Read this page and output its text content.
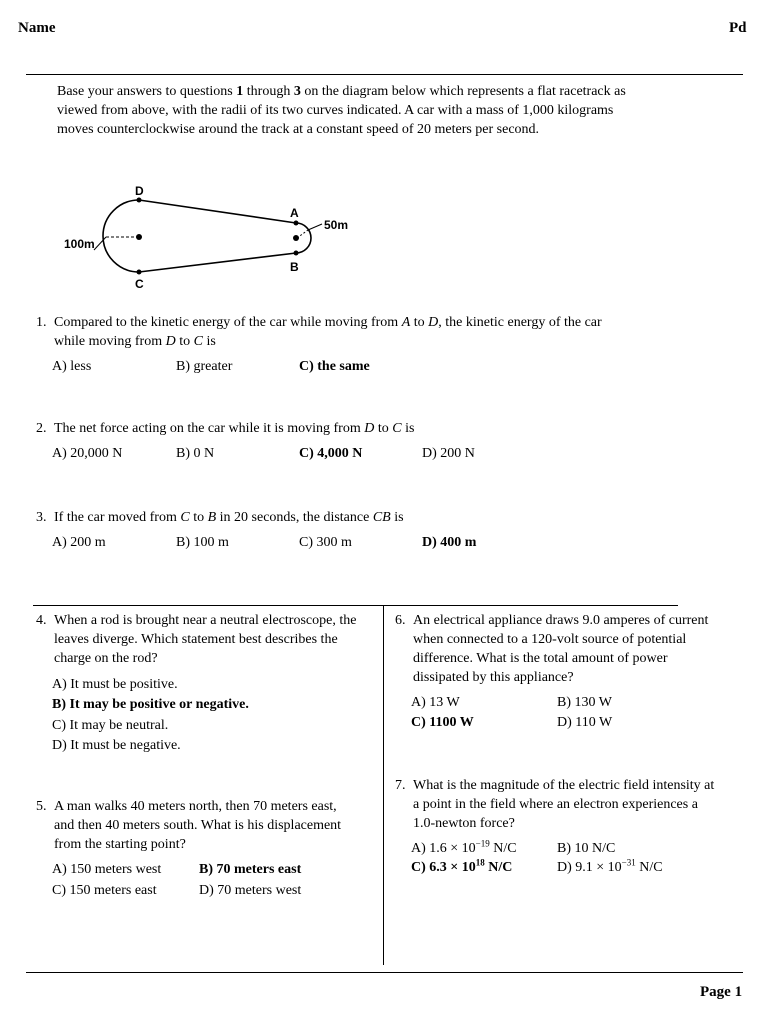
Name	Pd
Base your answers to questions 1 through 3 on the diagram below which represents a flat racetrack as
viewed from above, with the radii of its two curves indicated. A car with a mass of 1,000 kilograms
moves counterclockwise around the track at a constant speed of 20 meters per second.
D
A
B
C
50m
100m
1. Compared to the kinetic energy of the car while moving from A to D, the kinetic energy of the car
while moving from D to C is
A) less	B) greater	C) the same
2. The net force acting on the car while it is moving from D to C is
A) 20,000 N	B) 0 N	C) 4,000 N	D) 200 N
3. If the car moved from C to B in 20 seconds, the distance CB is
A) 200 m	B) 100 m	C) 300 m	D) 400 m
4. When a rod is brought near a neutral electroscope, the
leaves diverge. Which statement best describes the
charge on the rod?
A) It must be positive.
B) It may be positive or negative.
C) It may be neutral.
D) It must be negative.
5. A man walks 40 meters north, then 70 meters east,
and then 40 meters south. What is his displacement
from the starting point?
A) 150 meters west	B) 70 meters east
C) 150 meters east	D) 70 meters west
6. An electrical appliance draws 9.0 amperes of current
when connected to a 120-volt source of potential
difference. What is the total amount of power
dissipated by this appliance?
A) 13 W	B) 130 W
C) 1100 W	D) 110 W
7. What is the magnitude of the electric field intensity at
a point in the field where an electron experiences a
1.0-newton force?
A) $1.6 \times 10^{-19}$ N/C	B) 10 N/C
C) $6.3 \times 10^{18}$ N/C	D) $9.1 \times 10^{-31}$ N/C
Page 1
